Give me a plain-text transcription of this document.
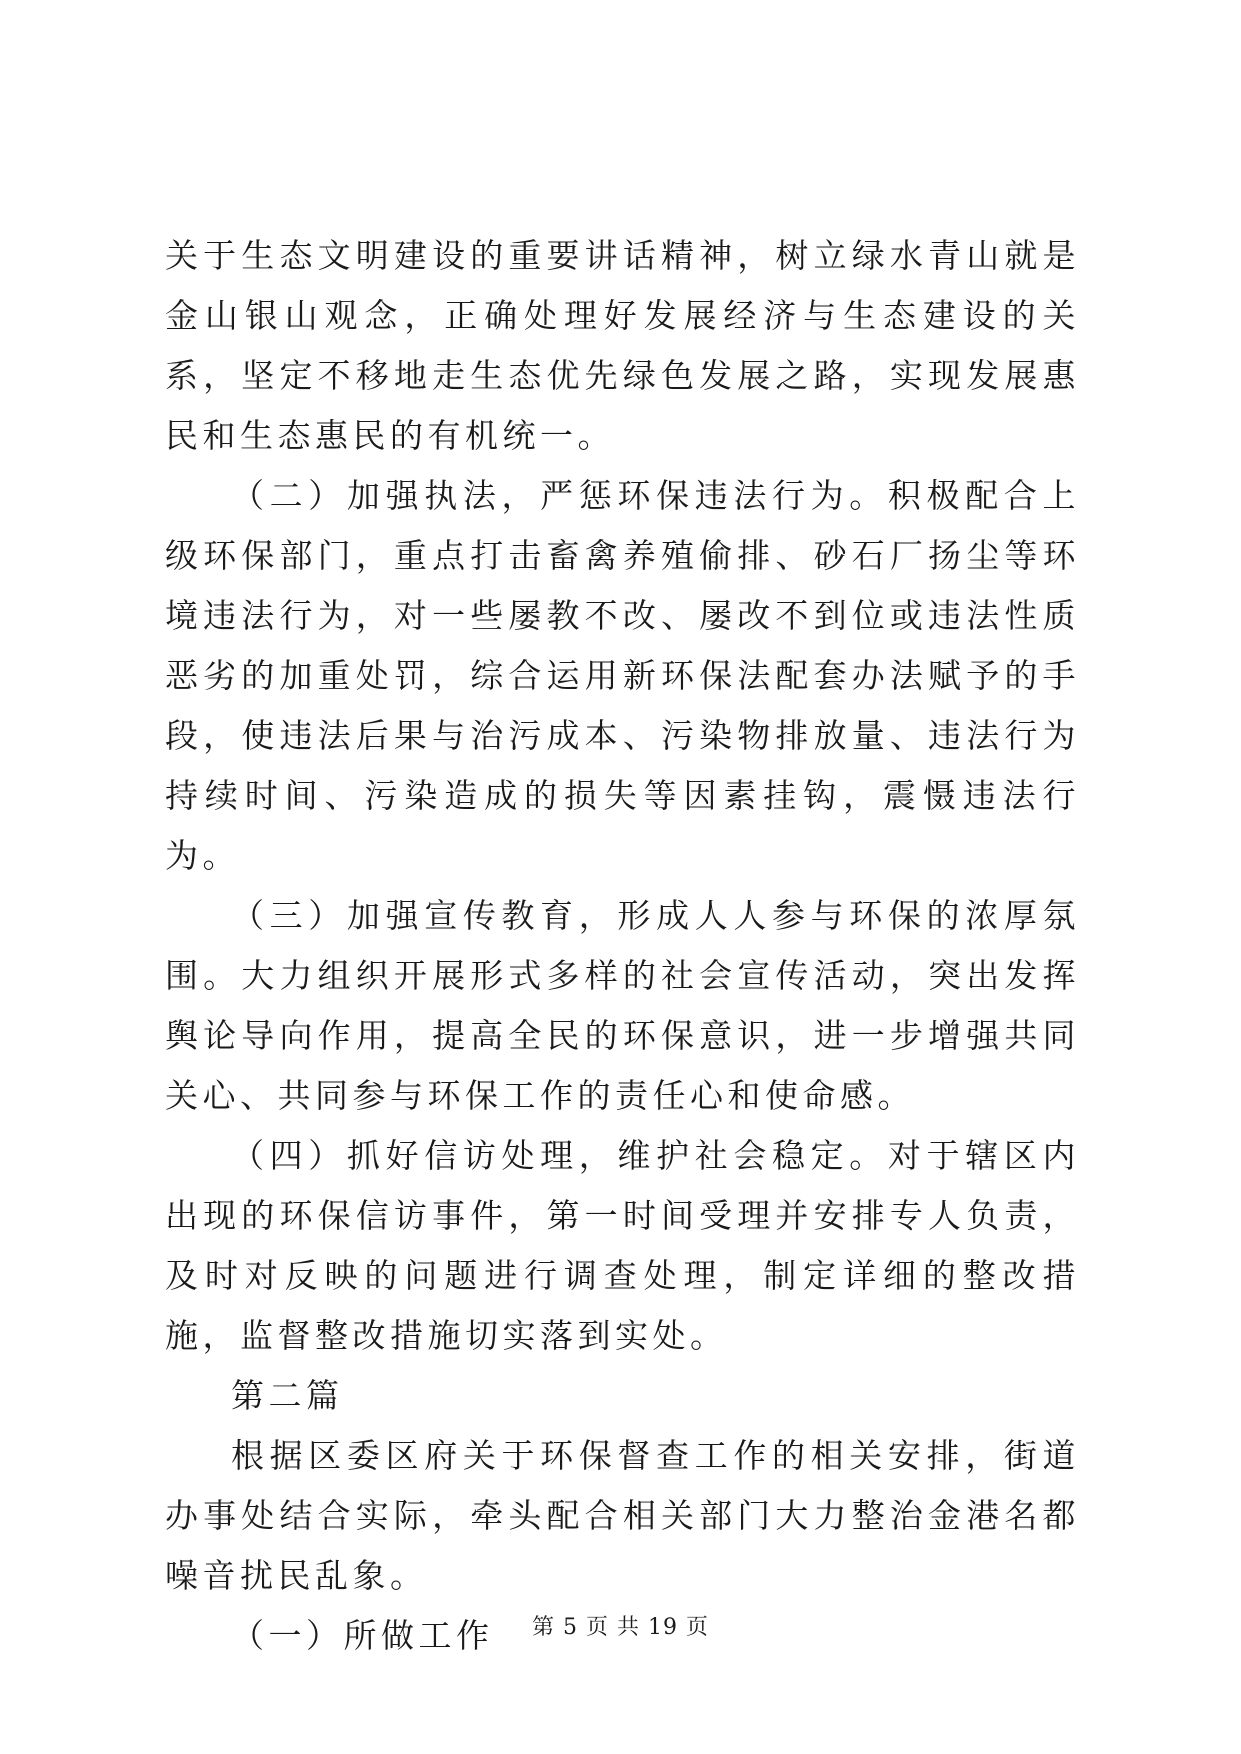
关于生态文明建设的重要讲话精神，树立绿水青山就是金山银山观念，正确处理好发展经济与生态建设的关系，坚定不移地走生态优先绿色发展之路，实现发展惠民和生态惠民的有机统一。

（二）加强执法，严惩环保违法行为。积极配合上级环保部门，重点打击畜禽养殖偷排、砂石厂扬尘等环境违法行为，对一些屡教不改、屡改不到位或违法性质恶劣的加重处罚，综合运用新环保法配套办法赋予的手段，使违法后果与治污成本、污染物排放量、违法行为持续时间、污染造成的损失等因素挂钩，震慑违法行为。

（三）加强宣传教育，形成人人参与环保的浓厚氛围。大力组织开展形式多样的社会宣传活动，突出发挥舆论导向作用，提高全民的环保意识，进一步增强共同关心、共同参与环保工作的责任心和使命感。

（四）抓好信访处理，维护社会稳定。对于辖区内出现的环保信访事件，第一时间受理并安排专人负责，及时对反映的问题进行调查处理，制定详细的整改措施，监督整改措施切实落到实处。

第二篇

根据区委区府关于环保督查工作的相关安排，街道办事处结合实际，牵头配合相关部门大力整治金港名都噪音扰民乱象。

（一）所做工作	第 5 页 共 19 页
